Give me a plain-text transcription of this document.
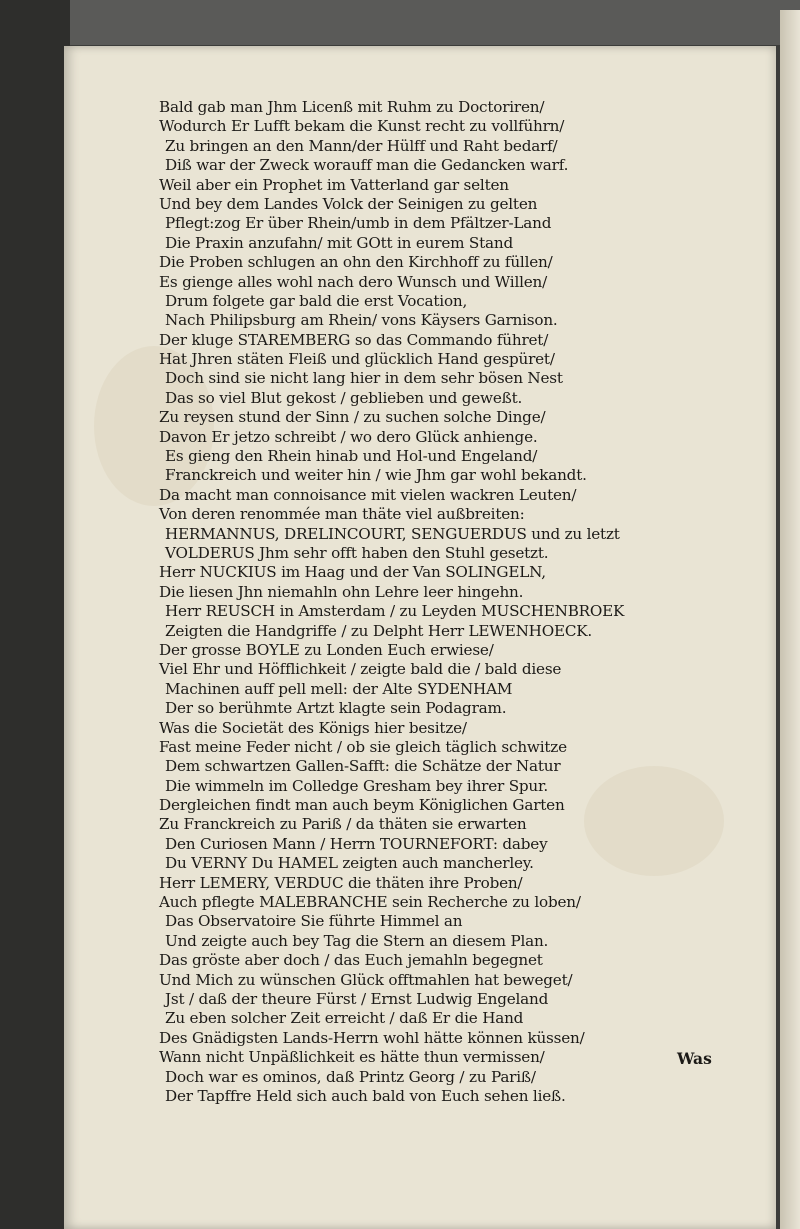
Bald gab man Jhm Licenß mit Ruhm zu Doctoriren/
Wodurch Er Lufft bekam die Kunst recht zu vollführn/
Zu bringen an den Mann/der Hülff und Raht bedarf/
Diß war der Zweck worauff man die Gedancken warf.
Weil aber ein Prophet im Vatterland gar selten
Und bey dem Landes Volck der Seinigen zu gelten
Pflegt:zog Er über Rhein/umb in dem Pfältzer-Land
Die Praxin anzufahn/ mit GOtt in eurem Stand
Die Proben schlugen an ohn den Kirchhoff zu füllen/
Es gienge alles wohl nach dero Wunsch und Willen/
Drum folgete gar bald die erst Vocation,
Nach Philipsburg am Rhein/ vons Käysers Garnison.
Der kluge STAREMBERG so das Commando führet/
Hat Jhren stäten Fleiß und glücklich Hand gespüret/
Doch sind sie nicht lang hier in dem sehr bösen Nest
Das so viel Blut gekost / geblieben und geweßt.
Zu reysen stund der Sinn / zu suchen solche Dinge/
Davon Er jetzo schreibt / wo dero Glück anhienge.
Es gieng den Rhein hinab und Hol-und Engeland/
Franckreich und weiter hin / wie Jhm gar wohl bekandt.
Da macht man connoisance mit vielen wackren Leuten/
Von deren renommée man thäte viel außbreiten:
HERMANNUS, DRELINCOURT, SENGUERDUS und zu letzt
VOLDERUS Jhm sehr offt haben den Stuhl gesetzt.
Herr NUCKIUS im Haag und der Van SOLINGELN,
Die liesen Jhn niemahln ohn Lehre leer hingehn.
Herr REUSCH in Amsterdam / zu Leyden MUSCHENBROEK
Zeigten die Handgriffe / zu Delpht Herr LEWENHOECK.
Der grosse BOYLE zu Londen Euch erwiese/
Viel Ehr und Höfflichkeit / zeigte bald die / bald diese
Machinen auff pell mell: der Alte SYDENHAM
Der so berühmte Artzt klagte sein Podagram.
Was die Societät des Königs hier besitze/
Fast meine Feder nicht / ob sie gleich täglich schwitze
Dem schwartzen Gallen-Safft: die Schätze der Natur
Die wimmeln im Colledge Gresham bey ihrer Spur.
Dergleichen findt man auch beym Königlichen Garten
Zu Franckreich zu Pariß / da thäten sie erwarten
Den Curiosen Mann / Herrn TOURNEFORT: dabey
Du VERNY Du HAMEL zeigten auch mancherley.
Herr LEMERY, VERDUC die thäten ihre Proben/
Auch pflegte MALEBRANCHE sein Recherche zu loben/
Das Observatoire Sie führte Himmel an
Und zeigte auch bey Tag die Stern an diesem Plan.
Das gröste aber doch / das Euch jemahln begegnet
Und Mich zu wünschen Glück offtmahlen hat beweget/
Jst / daß der theure Fürst / Ernst Ludwig Engeland
Zu eben solcher Zeit erreicht / daß Er die Hand
Des Gnädigsten Lands-Herrn wohl hätte können küssen/
Wann nicht Unpäßlichkeit es hätte thun vermissen/
Doch war es ominos, daß Printz Georg / zu Pariß/
Der Tapffre Held sich auch bald von Euch sehen ließ.
Was
